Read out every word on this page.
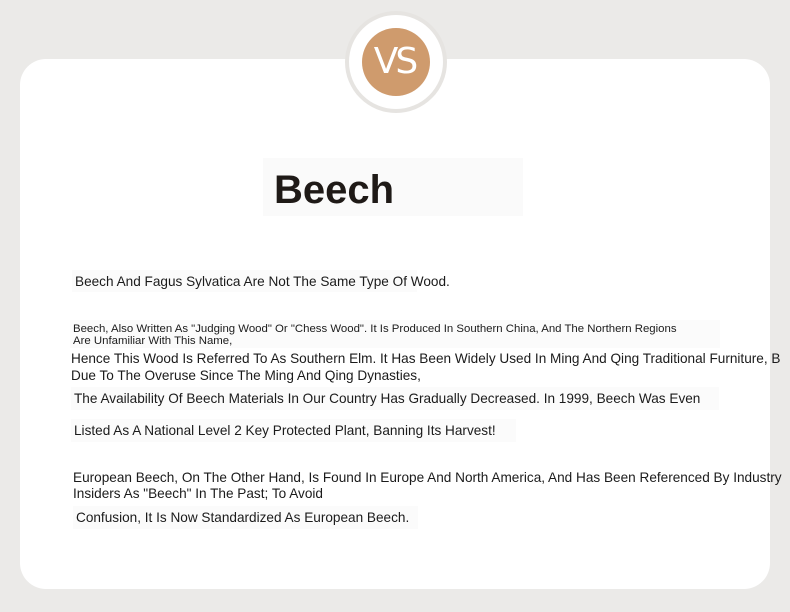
VS
Beech

Beech And Fagus Sylvatica Are Not The Same Type Of Wood.

Beech, Also Written As "Judging Wood" Or "Chess Wood". It Is Produced In Southern China, And The Northern Regions

Are Unfamiliar With This Name,

Hence This Wood Is Referred To As Southern Elm. It Has Been Widely Used In Ming And Qing Traditional Furniture, B

Due To The Overuse Since The Ming And Qing Dynasties,

The Availability Of Beech Materials In Our Country Has Gradually Decreased. In 1999, Beech Was Even

Listed As A National Level 2 Key Protected Plant, Banning Its Harvest!

European Beech, On The Other Hand, Is Found In Europe And North America, And Has Been Referenced By Industry

Insiders As "Beech" In The Past; To Avoid

Confusion, It Is Now Standardized As European Beech.
